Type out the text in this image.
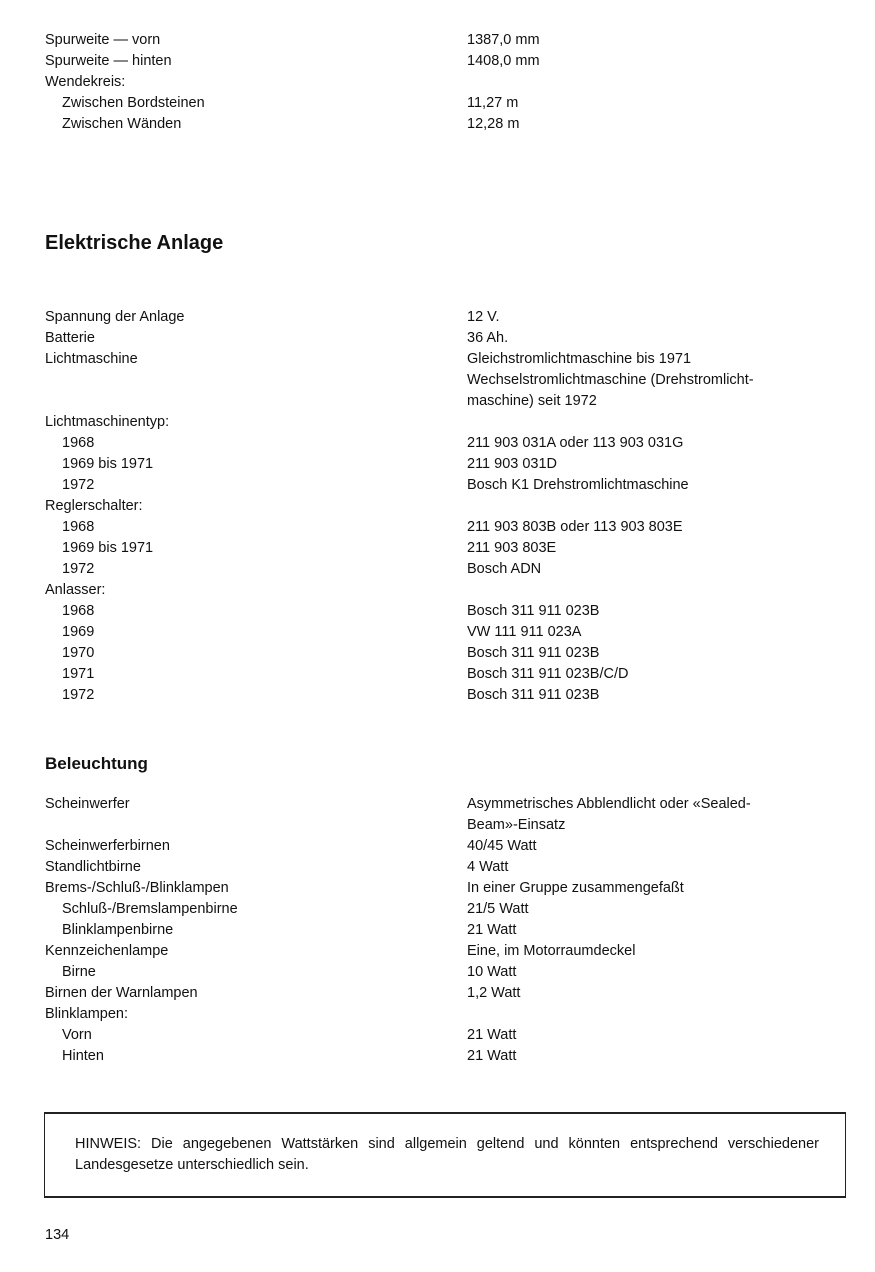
Spurweite — vorn	1387,0 mm
Spurweite — hinten	1408,0 mm
Wendekreis:
Zwischen Bordsteinen	11,27 m
Zwischen Wänden	12,28 m
Elektrische Anlage
Spannung der Anlage	12 V.
Batterie	36 Ah.
Lichtmaschine	Gleichstromlichtmaschine bis 1971
Wechselstromlichtmaschine (Drehstromlicht-
maschine) seit 1972
Lichtmaschinentyp:
1968	211 903 031A oder 113 903 031G
1969 bis 1971	211 903 031D
1972	Bosch K1 Drehstromlichtmaschine
Reglerschalter:
1968	211 903 803B oder 113 903 803E
1969 bis 1971	211 903 803E
1972	Bosch ADN
Anlasser:
1968	Bosch 311 911 023B
1969	VW 111 911 023A
1970	Bosch 311 911 023B
1971	Bosch 311 911 023B/C/D
1972	Bosch 311 911 023B
Beleuchtung
Scheinwerfer	Asymmetrisches Abblendlicht oder «Sealed-
Beam»-Einsatz
Scheinwerferbirnen	40/45 Watt
Standlichtbirne	4 Watt
Brems-/Schluß-/Blinklampen	In einer Gruppe zusammengefaßt
Schluß-/Bremslampenbirne	21/5 Watt
Blinklampenbirne	21 Watt
Kennzeichenlampe	Eine, im Motorraumdeckel
Birne	10 Watt
Birnen der Warnlampen	1,2 Watt
Blinklampen:
Vorn	21 Watt
Hinten	21 Watt
HINWEIS: Die angegebenen Wattstärken sind allgemein geltend und könnten entsprechend verschiedener Landesgesetze unterschiedlich sein.
134
